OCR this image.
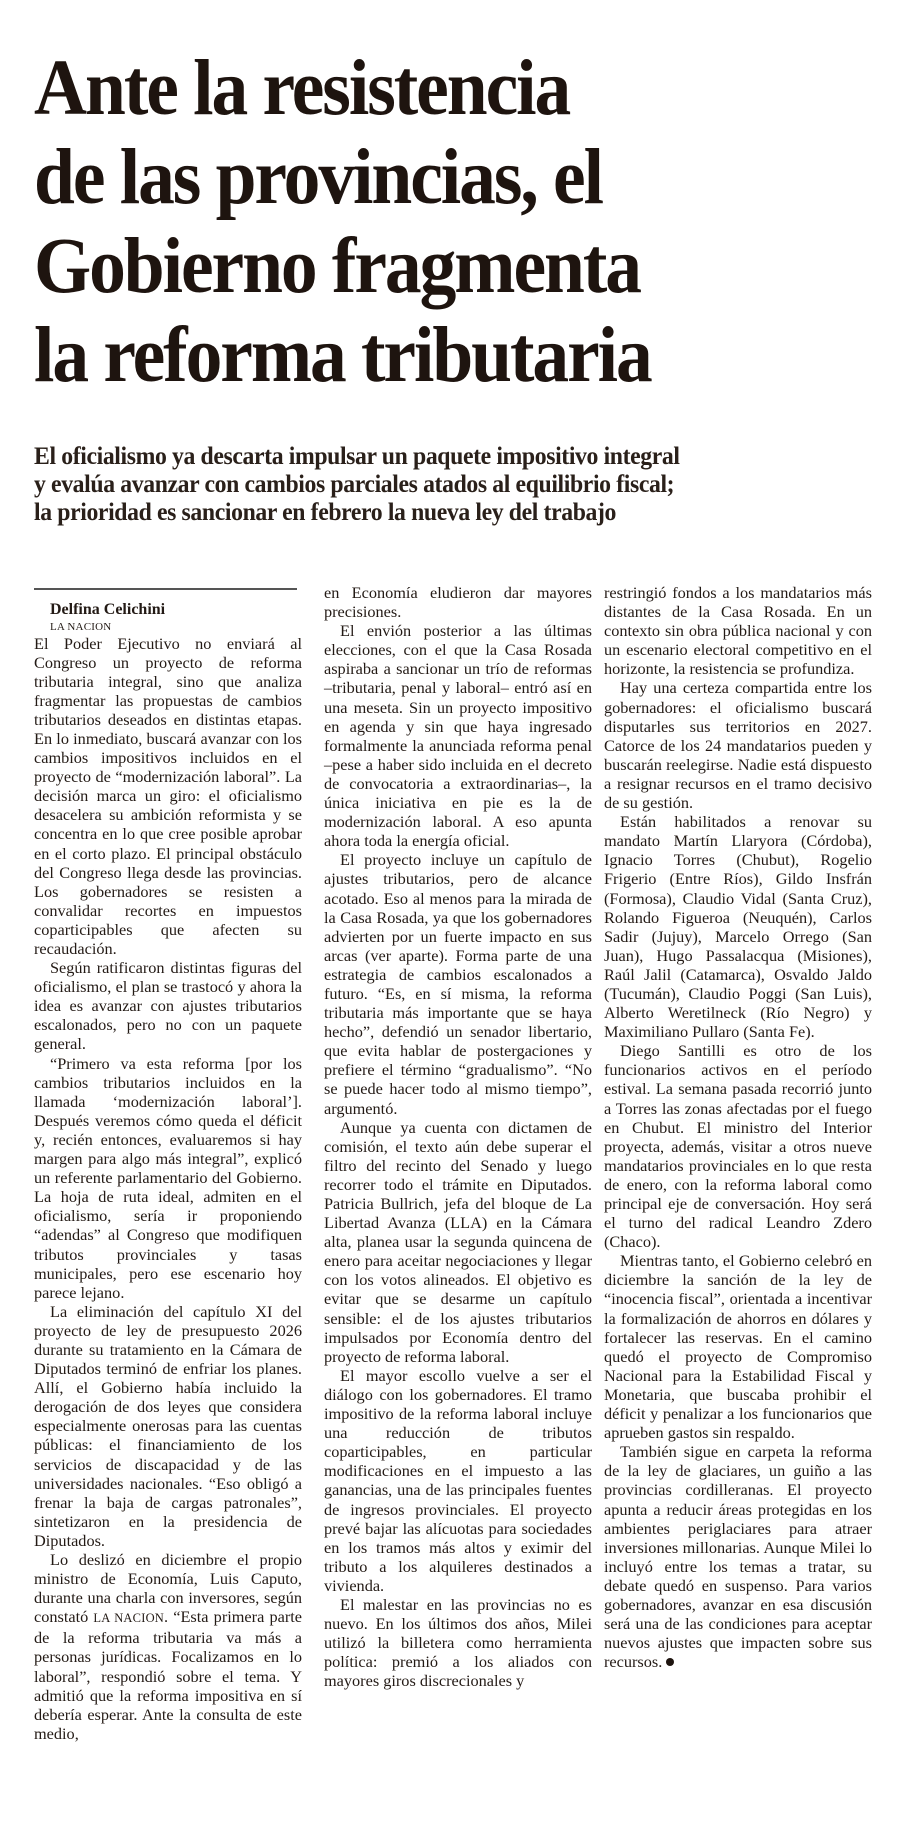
Ante la resistencia
de las provincias, el
Gobierno fragmenta
la reforma tributaria
El oficialismo ya descarta impulsar un paquete impositivo integral
y evalúa avanzar con cambios parciales atados al equilibrio fiscal;
la prioridad es sancionar en febrero la nueva ley del trabajo

Delfina Celichini

LA NACION

El Poder Ejecutivo no enviará al Congreso un proyecto de reforma tributaria integral, sino que analiza fragmentar las propuestas de cambios tributarios deseados en distintas etapas. En lo inmediato, buscará avanzar con los cambios impositivos incluidos en el proyecto de “modernización laboral”. La decisión marca un giro: el oficialismo desacelera su ambición reformista y se concentra en lo que cree posible aprobar en el corto plazo. El principal obstáculo del Congreso llega desde las provincias. Los gobernadores se resisten a convalidar recortes en impuestos coparticipables que afecten su recaudación.

Según ratificaron distintas figuras del oficialismo, el plan se trastocó y ahora la idea es avanzar con ajustes tributarios escalonados, pero no con un paquete general.

“Primero va esta reforma [por los cambios tributarios incluidos en la llamada ‘modernización laboral’]. Después veremos cómo queda el déficit y, recién entonces, evaluaremos si hay margen para algo más integral”, explicó un referente parlamentario del Gobierno. La hoja de ruta ideal, admiten en el oficialismo, sería ir proponiendo “adendas” al Congreso que modifiquen tributos provinciales y tasas municipales, pero ese escenario hoy parece lejano.

La eliminación del capítulo XI del proyecto de ley de presupuesto 2026 durante su tratamiento en la Cámara de Diputados terminó de enfriar los planes. Allí, el Gobierno había incluido la derogación de dos leyes que considera especialmente onerosas para las cuentas públicas: el financiamiento de los servicios de discapacidad y de las universidades nacionales. “Eso obligó a frenar la baja de cargas patronales”, sintetizaron en la presidencia de Diputados.

Lo deslizó en diciembre el propio ministro de Economía, Luis Caputo, durante una charla con inversores, según constató LA NACION. “Esta primera parte de la reforma tributaria va más a personas jurídicas. Focalizamos en lo laboral”, respondió sobre el tema. Y admitió que la reforma impositiva en sí debería esperar. Ante la consulta de este medio,

en Economía eludieron dar mayores precisiones.

El envión posterior a las últimas elecciones, con el que la Casa Rosada aspiraba a sancionar un trío de reformas –tributaria, penal y laboral– entró así en una meseta. Sin un proyecto impositivo en agenda y sin que haya ingresado formalmente la anunciada reforma penal –pese a haber sido incluida en el decreto de convocatoria a extraordinarias–, la única iniciativa en pie es la de modernización laboral. A eso apunta ahora toda la energía oficial.

El proyecto incluye un capítulo de ajustes tributarios, pero de alcance acotado. Eso al menos para la mirada de la Casa Rosada, ya que los gobernadores advierten por un fuerte impacto en sus arcas (ver aparte). Forma parte de una estrategia de cambios escalonados a futuro. “Es, en sí misma, la reforma tributaria más importante que se haya hecho”, defendió un senador libertario, que evita hablar de postergaciones y prefiere el término “gradualismo”. “No se puede hacer todo al mismo tiempo”, argumentó.

Aunque ya cuenta con dictamen de comisión, el texto aún debe superar el filtro del recinto del Senado y luego recorrer todo el trámite en Diputados. Patricia Bullrich, jefa del bloque de La Libertad Avanza (LLA) en la Cámara alta, planea usar la segunda quincena de enero para aceitar negociaciones y llegar con los votos alineados. El objetivo es evitar que se desarme un capítulo sensible: el de los ajustes tributarios impulsados por Economía dentro del proyecto de reforma laboral.

El mayor escollo vuelve a ser el diálogo con los gobernadores. El tramo impositivo de la reforma laboral incluye una reducción de tributos coparticipables, en particular modificaciones en el impuesto a las ganancias, una de las principales fuentes de ingresos provinciales. El proyecto prevé bajar las alícuotas para sociedades en los tramos más altos y eximir del tributo a los alquileres destinados a vivienda.

El malestar en las provincias no es nuevo. En los últimos dos años, Milei utilizó la billetera como herramienta política: premió a los aliados con mayores giros discrecionales y

restringió fondos a los mandatarios más distantes de la Casa Rosada. En un contexto sin obra pública nacional y con un escenario electoral competitivo en el horizonte, la resistencia se profundiza.

Hay una certeza compartida entre los gobernadores: el oficialismo buscará disputarles sus territorios en 2027. Catorce de los 24 mandatarios pueden y buscarán reelegirse. Nadie está dispuesto a resignar recursos en el tramo decisivo de su gestión.

Están habilitados a renovar su mandato Martín Llaryora (Córdoba), Ignacio Torres (Chubut), Rogelio Frigerio (Entre Ríos), Gildo Insfrán (Formosa), Claudio Vidal (Santa Cruz), Rolando Figueroa (Neuquén), Carlos Sadir (Jujuy), Marcelo Orrego (San Juan), Hugo Passalacqua (Misiones), Raúl Jalil (Catamarca), Osvaldo Jaldo (Tucumán), Claudio Poggi (San Luis), Alberto Weretilneck (Río Negro) y Maximiliano Pullaro (Santa Fe).

Diego Santilli es otro de los funcionarios activos en el período estival. La semana pasada recorrió junto a Torres las zonas afectadas por el fuego en Chubut. El ministro del Interior proyecta, además, visitar a otros nueve mandatarios provinciales en lo que resta de enero, con la reforma laboral como principal eje de conversación. Hoy será el turno del radical Leandro Zdero (Chaco).

Mientras tanto, el Gobierno celebró en diciembre la sanción de la ley de “inocencia fiscal”, orientada a incentivar la formalización de ahorros en dólares y fortalecer las reservas. En el camino quedó el proyecto de Compromiso Nacional para la Estabilidad Fiscal y Monetaria, que buscaba prohibir el déficit y penalizar a los funcionarios que aprueben gastos sin respaldo.

También sigue en carpeta la reforma de la ley de glaciares, un guiño a las provincias cordilleranas. El proyecto apunta a reducir áreas protegidas en los ambientes periglaciares para atraer inversiones millonarias. Aunque Milei lo incluyó entre los temas a tratar, su debate quedó en suspenso. Para varios gobernadores, avanzar en esa discusión será una de las condiciones para aceptar nuevos ajustes que impacten sobre sus recursos.
